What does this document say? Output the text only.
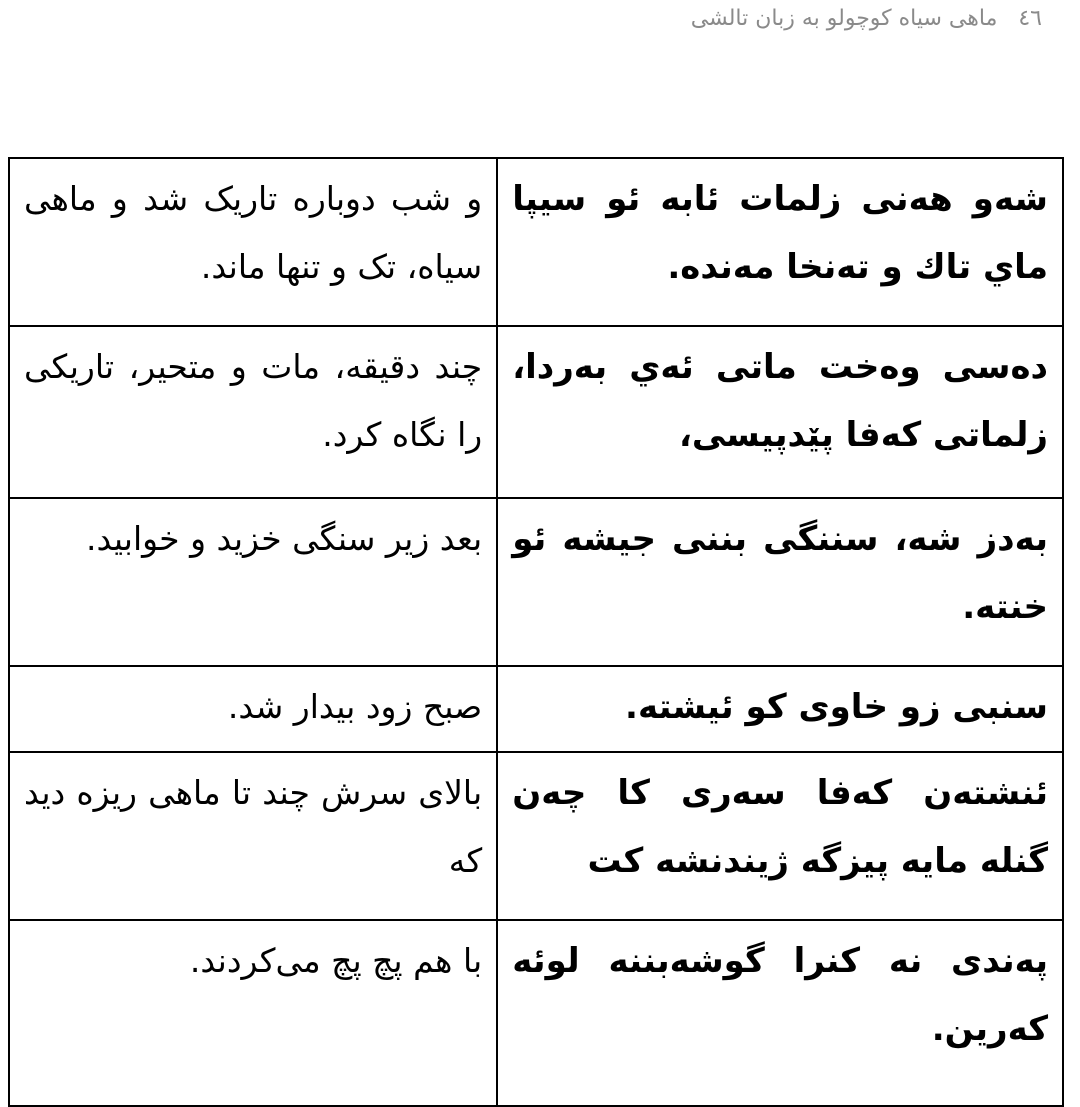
٤٦ ماهی سیاه کوچولو به زبان تالشی
و شب دوباره تاریک شد و ماهی سیاه، تک و تنها ماند.	شەو هەنی زلمات ئابە ئو سیپا ماي تاك و تەنخا مەندە.
چند دقیقه، مات و متحیر، تاریکی را نگاه کرد.	دەسی وەخت ماتی ئەي بەردا، زلماتی كەفا پێدپیسی،
بعد زیر سنگی خزید و خوابید.	بەدز شە، سننگی بننی جیشە ئو خنتە.
صبح زود بیدار شد.	سنبی زو خاوی کو ئیشتە.
بالای سرش چند تا ماهی ریزه دید که	ئنشتەن كەفا سەری کا چەن گنلە مایە پیزگە ژیندنشە کت
با هم پچ پچ می‌کردند.	پەندی نە كنرا گوشەبننە لوئە كەرین.
